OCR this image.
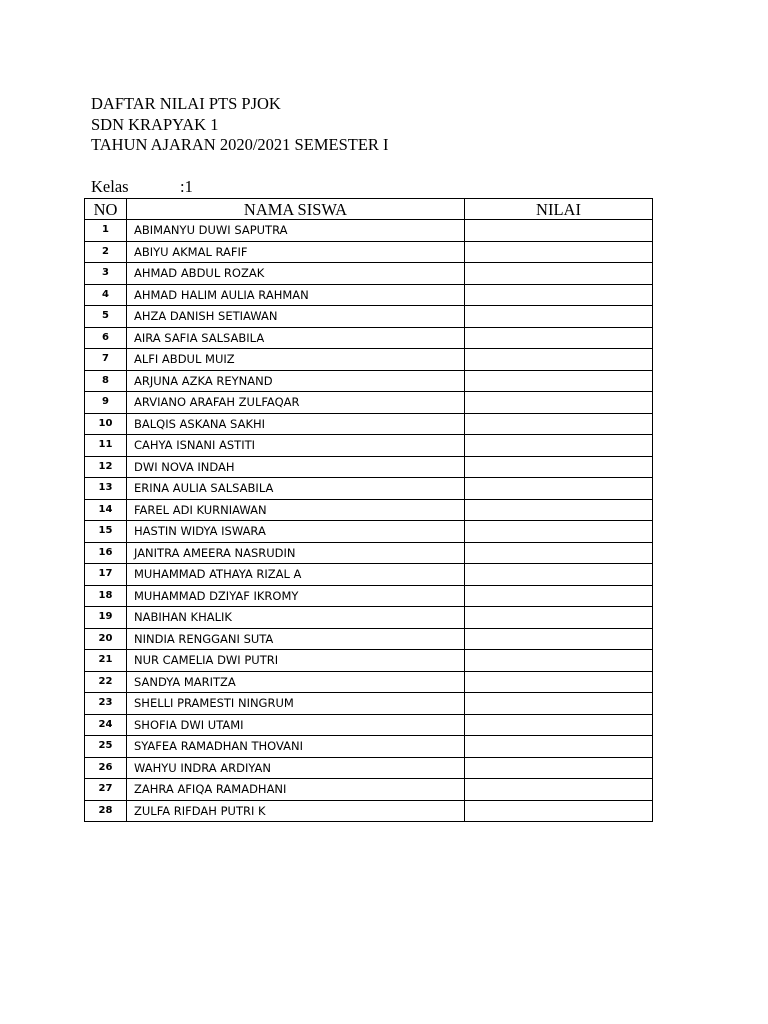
DAFTAR NILAI PTS PJOK
SDN KRAPYAK 1
TAHUN AJARAN 2020/2021 SEMESTER I
Kelas	:1
NO	NAMA SISWA	NILAI
1	ABIMANYU DUWI SAPUTRA	
2	ABIYU AKMAL RAFIF	
3	AHMAD ABDUL ROZAK	
4	AHMAD HALIM AULIA RAHMAN	
5	AHZA DANISH SETIAWAN	
6	AIRA SAFIA SALSABILA	
7	ALFI ABDUL MUIZ	
8	ARJUNA AZKA REYNAND	
9	ARVIANO ARAFAH ZULFAQAR	
10	BALQIS ASKANA SAKHI	
11	CAHYA ISNANI ASTITI	
12	DWI NOVA INDAH	
13	ERINA AULIA SALSABILA	
14	FAREL ADI KURNIAWAN	
15	HASTIN WIDYA ISWARA	
16	JANITRA AMEERA NASRUDIN	
17	MUHAMMAD ATHAYA RIZAL A	
18	MUHAMMAD DZIYAF IKROMY	
19	NABIHAN KHALIK	
20	NINDIA RENGGANI SUTA	
21	NUR CAMELIA DWI PUTRI	
22	SANDYA MARITZA	
23	SHELLI PRAMESTI NINGRUM	
24	SHOFIA DWI UTAMI	
25	SYAFEA RAMADHAN THOVANI	
26	WAHYU INDRA ARDIYAN	
27	ZAHRA AFIQA RAMADHANI	
28	ZULFA RIFDAH PUTRI K	
